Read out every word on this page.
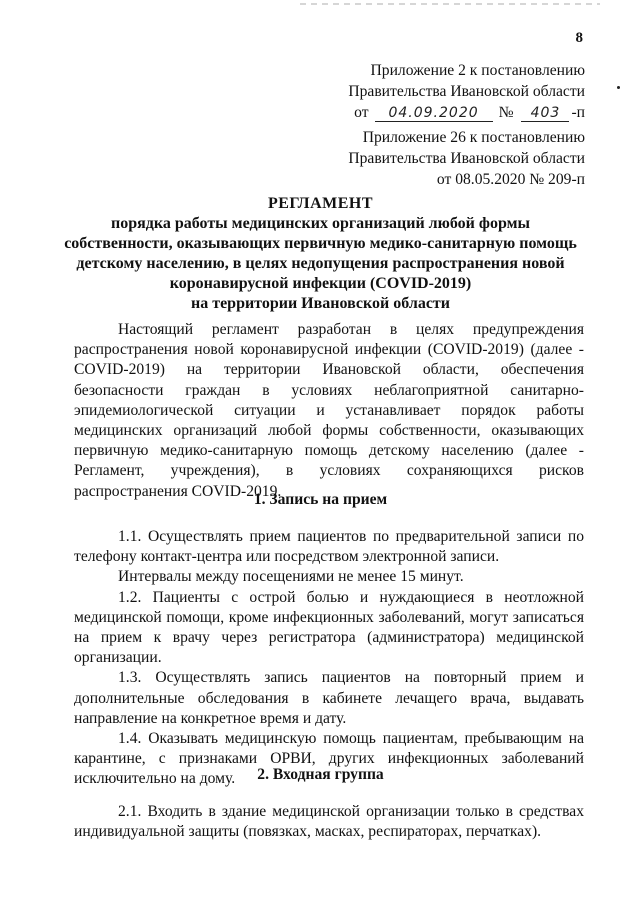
8
Приложение 2 к постановлению
Правительства Ивановской области
от	04.09.2020	№	403 -п
Приложение 26 к постановлению
Правительства Ивановской области
от 08.05.2020 № 209-п
РЕГЛАМЕНТ
порядка работы медицинских организаций любой формы
собственности, оказывающих первичную медико-санитарную помощь
детскому населению, в целях недопущения распространения новой
коронавирусной инфекции (COVID-2019)
на территории Ивановской области
Настоящий регламент разработан в целях предупреждения распространения новой коронавирусной инфекции (COVID-2019) (далее - COVID-2019) на территории Ивановской области, обеспечения безопасности граждан в условиях неблагоприятной санитарно-эпидемиологической ситуации и устанавливает порядок работы медицинских организаций любой формы собственности, оказывающих первичную медико-санитарную помощь детскому населению (далее - Регламент, учреждения), в условиях сохраняющихся рисков распространения COVID-2019.
1. Запись на прием

1.1. Осуществлять прием пациентов по предварительной записи по телефону контакт-центра или посредством электронной записи.

Интервалы между посещениями не менее 15 минут.

1.2. Пациенты с острой болью и нуждающиеся в неотложной медицинской помощи, кроме инфекционных заболеваний, могут записаться на прием к врачу через регистратора (администратора) медицинской организации.

1.3. Осуществлять запись пациентов на повторный прием и дополнительные обследования в кабинете лечащего врача, выдавать направление на конкретное время и дату.

1.4. Оказывать медицинскую помощь пациентам, пребывающим на карантине, с признаками ОРВИ, других инфекционных заболеваний исключительно на дому.	2. Входная группа

2.1. Входить в здание медицинской организации только в средствах индивидуальной защиты (повязках, масках, респираторах, перчатках).
